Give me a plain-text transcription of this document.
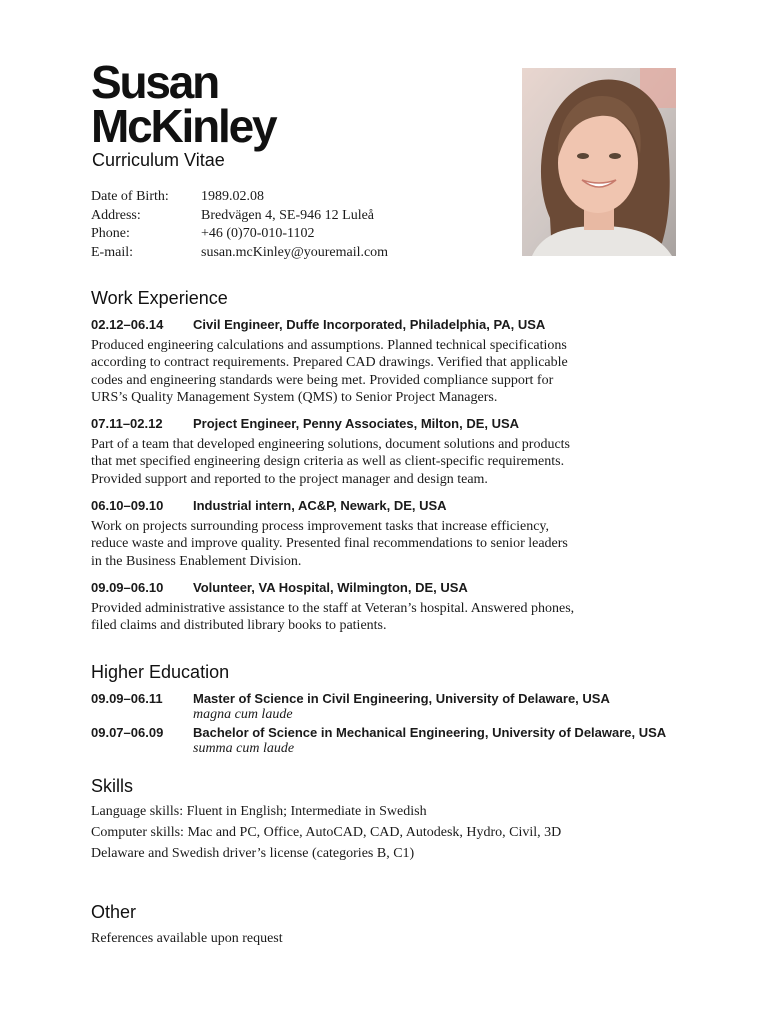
Susan
McKinley
Curriculum Vitae
Date of Birth:	1989.02.08
Address:	Bredvägen 4, SE-946 12 Luleå
Phone:	+46 (0)70-010-1102
E-mail:	susan.mcKinley@youremail.com
Work Experience
02.12–06.14	Civil Engineer, Duffe Incorporated, Philadelphia, PA, USA
Produced engineering calculations and assumptions. Planned technical specifications
according to contract requirements. Prepared CAD drawings. Verified that applicable
codes and engineering standards were being met. Provided compliance support for
URS’s Quality Management System (QMS) to Senior Project Managers.
07.11–02.12	Project Engineer, Penny Associates, Milton, DE, USA
Part of a team that developed engineering solutions, document solutions and products
that met specified engineering design criteria as well as client-specific requirements.
Provided support and reported to the project manager and design team.
06.10–09.10	Industrial intern, AC&P, Newark, DE, USA
Work on projects surrounding process improvement tasks that increase efficiency,
reduce waste and improve quality. Presented final recommendations to senior leaders
in the Business Enablement Division.
09.09–06.10	Volunteer, VA Hospital, Wilmington, DE, USA
Provided administrative assistance to the staff at Veteran’s hospital. Answered phones,
filed claims and distributed library books to patients.
Higher Education
09.09–06.11	Master of Science in Civil Engineering, University of Delaware, USA
magna cum laude
09.07–06.09	Bachelor of Science in Mechanical Engineering, University of Delaware, USA
summa cum laude
Skills
Language skills: Fluent in English; Intermediate in Swedish
Computer skills: Mac and PC, Office, AutoCAD, CAD, Autodesk, Hydro, Civil, 3D
Delaware and Swedish driver’s license (categories B, C1)
Other
References available upon request
